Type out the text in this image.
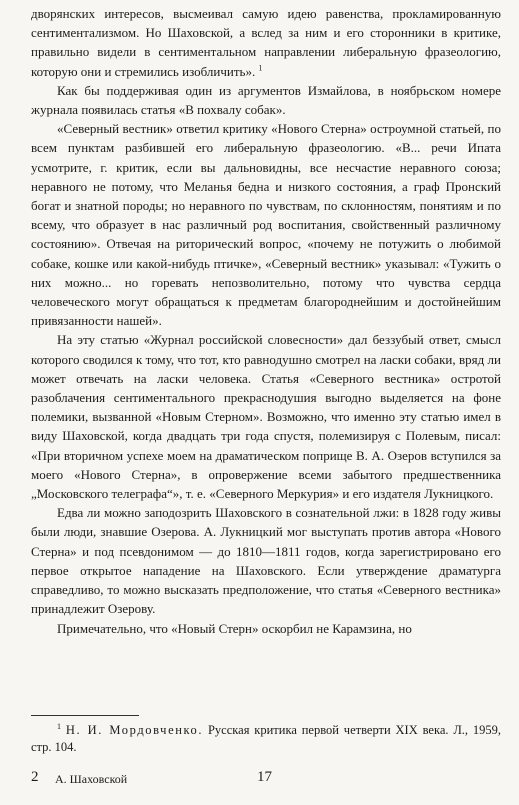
дворянских интересов, высмеивал самую идею равенства, прокламированную сентиментализмом. Но Шаховской, а вслед за ним и его сторонники в критике, правильно видели в сентиментальном направлении либеральную фразеологию, которую они и стремились изобличить». $^1$

Как бы поддерживая один из аргументов Измайлова, в ноябрьском номере журнала появилась статья «В похвалу собак».

«Северный вестник» ответил критику «Нового Стерна» остроумной статьей, по всем пунктам разбившей его либеральную фразеологию. «В... речи Ипата усмотрите, г. критик, если вы дальновидны, все несчастие неравного союза; неравного не потому, что Меланья бедна и низкого состояния, а граф Пронский богат и знатной породы; но неравного по чувствам, по склонностям, понятиям и по всему, что образует в нас различный род воспитания, свойственный различному состоянию». Отвечая на риторический вопрос, «почему не потужить о любимой собаке, кошке или какой-нибудь птичке», «Северный вестник» указывал: «Тужить о них можно... но горевать непозволительно, потому что чувства сердца человеческого могут обращаться к предметам благороднейшим и достойнейшим привязанности нашей».

На эту статью «Журнал российской словесности» дал беззубый ответ, смысл которого сводился к тому, что тот, кто равнодушно смотрел на ласки собаки, вряд ли может отвечать на ласки человека. Статья «Северного вестника» остротой разоблачения сентиментального прекраснодушия выгодно выделяется на фоне полемики, вызванной «Новым Стерном». Возможно, что именно эту статью имел в виду Шаховской, когда двадцать три года спустя, полемизируя с Полевым, писал: «При вторичном успехе моем на драматическом поприще В. А. Озеров вступился за моего «Нового Стерна», в опровержение всеми забытого предшественника „Московского телеграфа“», т. е. «Северного Меркурия» и его издателя Лукницкого.

Едва ли можно заподозрить Шаховского в сознательной лжи: в 1828 году живы были люди, знавшие Озерова. А. Лукницкий мог выступать против автора «Нового Стерна» и под псевдонимом — до 1810—1811 годов, когда зарегистрировано его первое открытое нападение на Шаховского. Если утверждение драматурга справедливо, то можно высказать предположение, что статья «Северного вестника» принадлежит Озерову.

Примечательно, что «Новый Стерн» оскорбил не Карамзина, но

$^1$ Н. И. Мордовченко. Русская критика первой четверти XIX века. Л., 1959, стр. 104.
2 А. Шаховской	17
